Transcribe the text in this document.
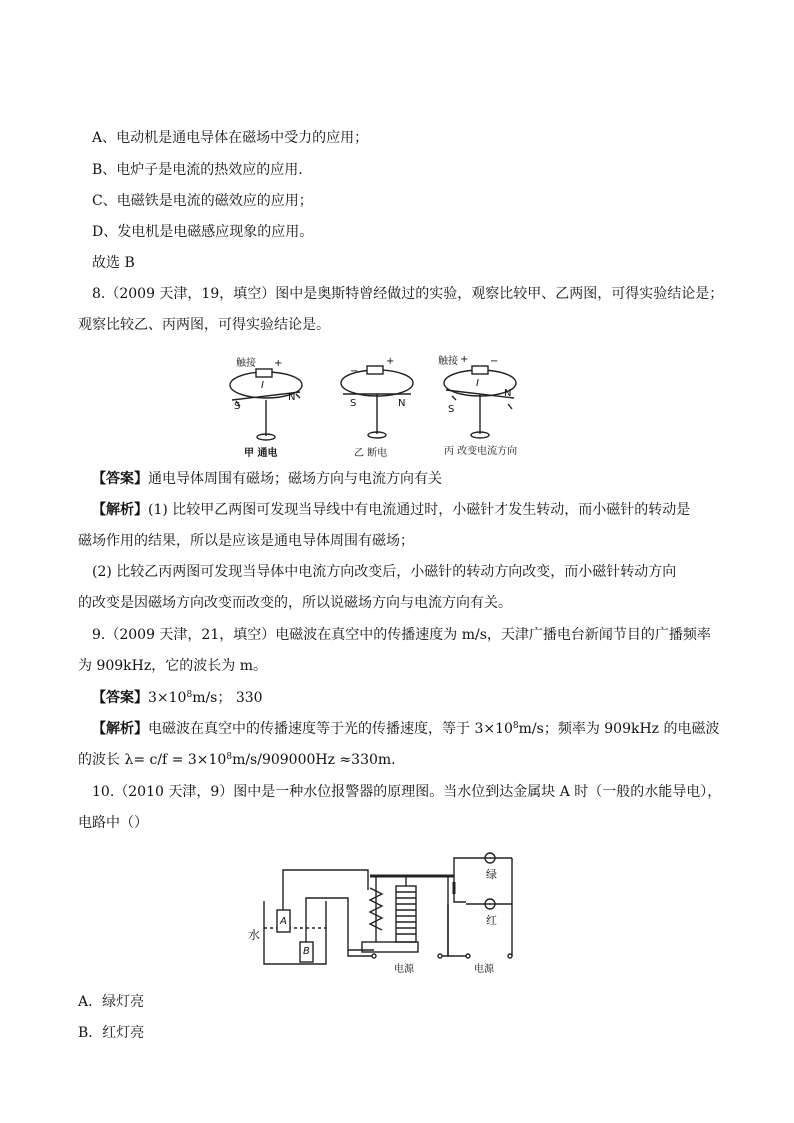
A、电动机是通电导体在磁场中受力的应用；
B、电炉子是电流的热效应的应用.
C、电磁铁是电流的磁效应的应用；
D、发电机是电磁感应现象的应用。
故选 B
8.（2009 天津，19，填空）图中是奥斯特曾经做过的实验，观察比较甲、乙两图，可得实验结论是；
观察比较乙、丙两图，可得实验结论是。
触接 +
I
S
N
甲 通电
−
+
S	N
乙 断电
触接 + −
I
S
N
丙 改变电流方向
【答案】通电导体周围有磁场；磁场方向与电流方向有关
【解析】(1) 比较甲乙两图可发现当导线中有电流通过时，小磁针才发生转动，而小磁针的转动是
磁场作用的结果，所以是应该是通电导体周围有磁场；
(2) 比较乙丙两图可发现当导体中电流方向改变后，小磁针的转动方向改变，而小磁针转动方向
的改变是因磁场方向改变而改变的，所以说磁场方向与电流方向有关。
9.（2009 天津，21，填空）电磁波在真空中的传播速度为 m/s，天津广播电台新闻节目的广播频率
为 909kHz，它的波长为 m。
【答案】$3\times 10^8m/s$； 330
【解析】电磁波在真空中的传播速度等于光的传播速度，等于 $3\times 10^8m/s$；频率为 909kHz 的电磁波
的波长 $\lambda= c/f = 3\times 10^8m/s/909000Hz \approx 330m$.
10.（2010 天津，9）图中是一种水位报警器的原理图。当水位到达金属块 A 时（一般的水能导电），
电路中（）
水
A
B
电源	电源
绿
红
A．绿灯亮
B．红灯亮
